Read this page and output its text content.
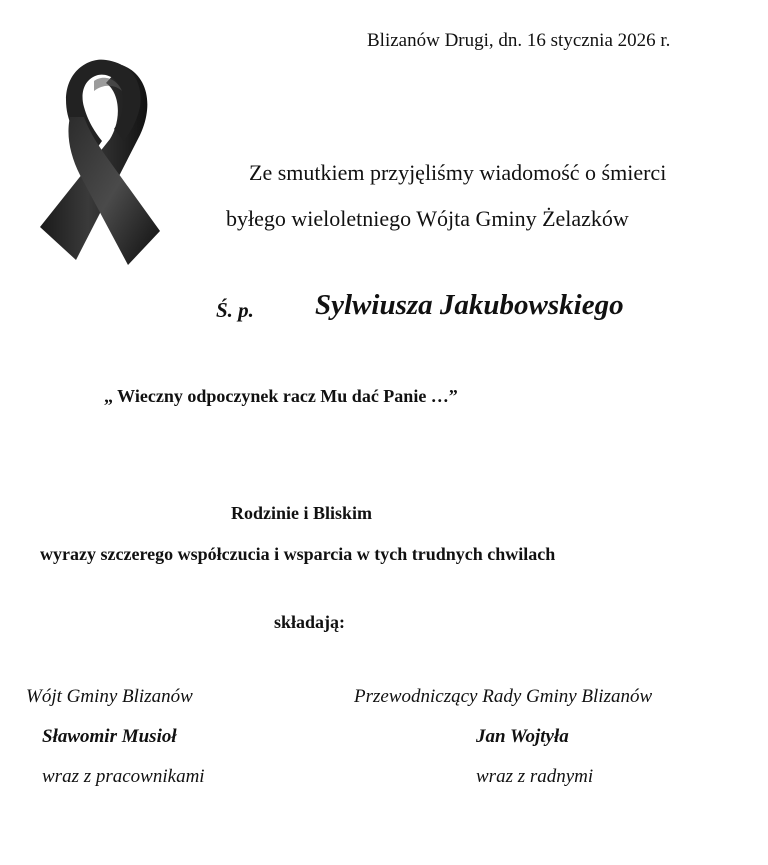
Blizanów Drugi, dn. 16 stycznia 2026 r.
Ze smutkiem przyjęliśmy wiadomość o śmierci
byłego wieloletniego Wójta Gminy Żelazków
Ś. p. Sylwiusza Jakubowskiego
„ Wieczny odpoczynek racz Mu dać Panie …”
Rodzinie i Bliskim
wyrazy szczerego współczucia i wsparcia w tych trudnych chwilach
składają:
Wójt Gminy Blizanów
Sławomir Musioł
wraz z pracownikami
Przewodniczący Rady Gminy Blizanów
Jan Wojtyła
wraz z radnymi
